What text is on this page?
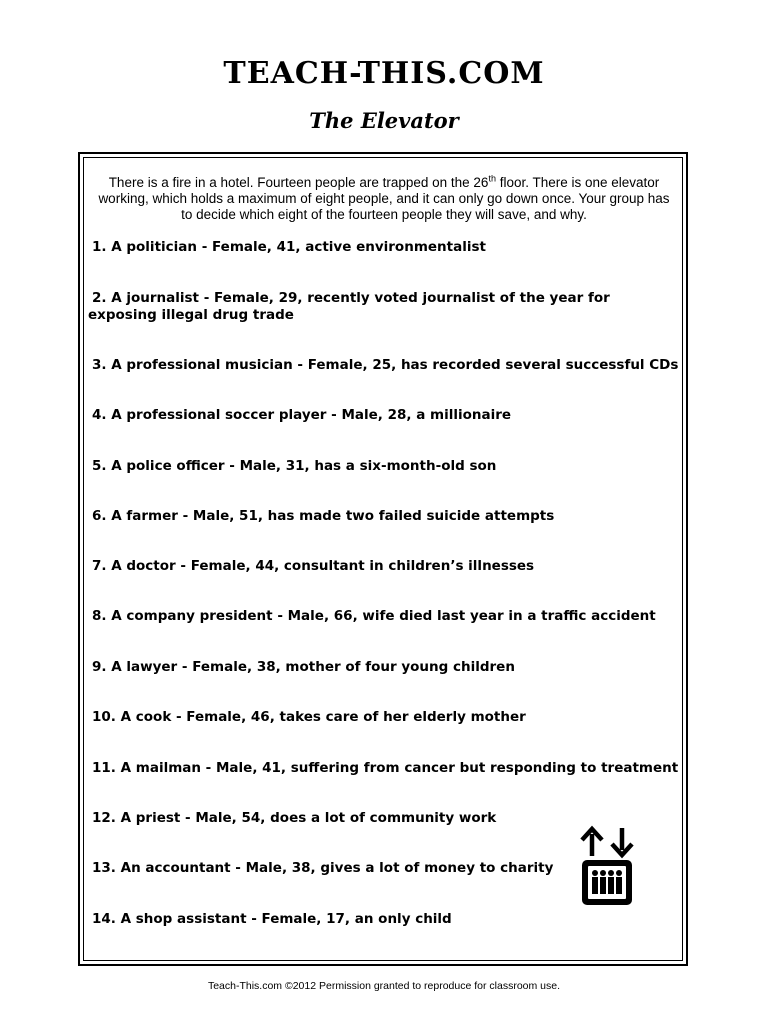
TEACH-THIS.COM
The Elevator
There is a fire in a hotel. Fourteen people are trapped on the 26th floor. There is one elevator working, which holds a maximum of eight people, and it can only go down once. Your group has to decide which eight of the fourteen people they will save, and why.
1. A politician - Female, 41, active environmentalist
2. A journalist - Female, 29, recently voted journalist of the year for exposing illegal drug trade
3. A professional musician - Female, 25, has recorded several successful CDs
4. A professional soccer player - Male, 28, a millionaire
5. A police officer - Male, 31, has a six-month-old son
6. A farmer - Male, 51, has made two failed suicide attempts
7. A doctor - Female, 44, consultant in children’s illnesses
8. A company president - Male, 66, wife died last year in a traffic accident
9. A lawyer - Female, 38, mother of four young children
10. A cook - Female, 46, takes care of her elderly mother
11. A mailman - Male, 41, suffering from cancer but responding to treatment
12. A priest - Male, 54, does a lot of community work
13. An accountant - Male, 38, gives a lot of money to charity
14. A shop assistant - Female, 17, an only child
Teach-This.com ©2012 Permission granted to reproduce for classroom use.
